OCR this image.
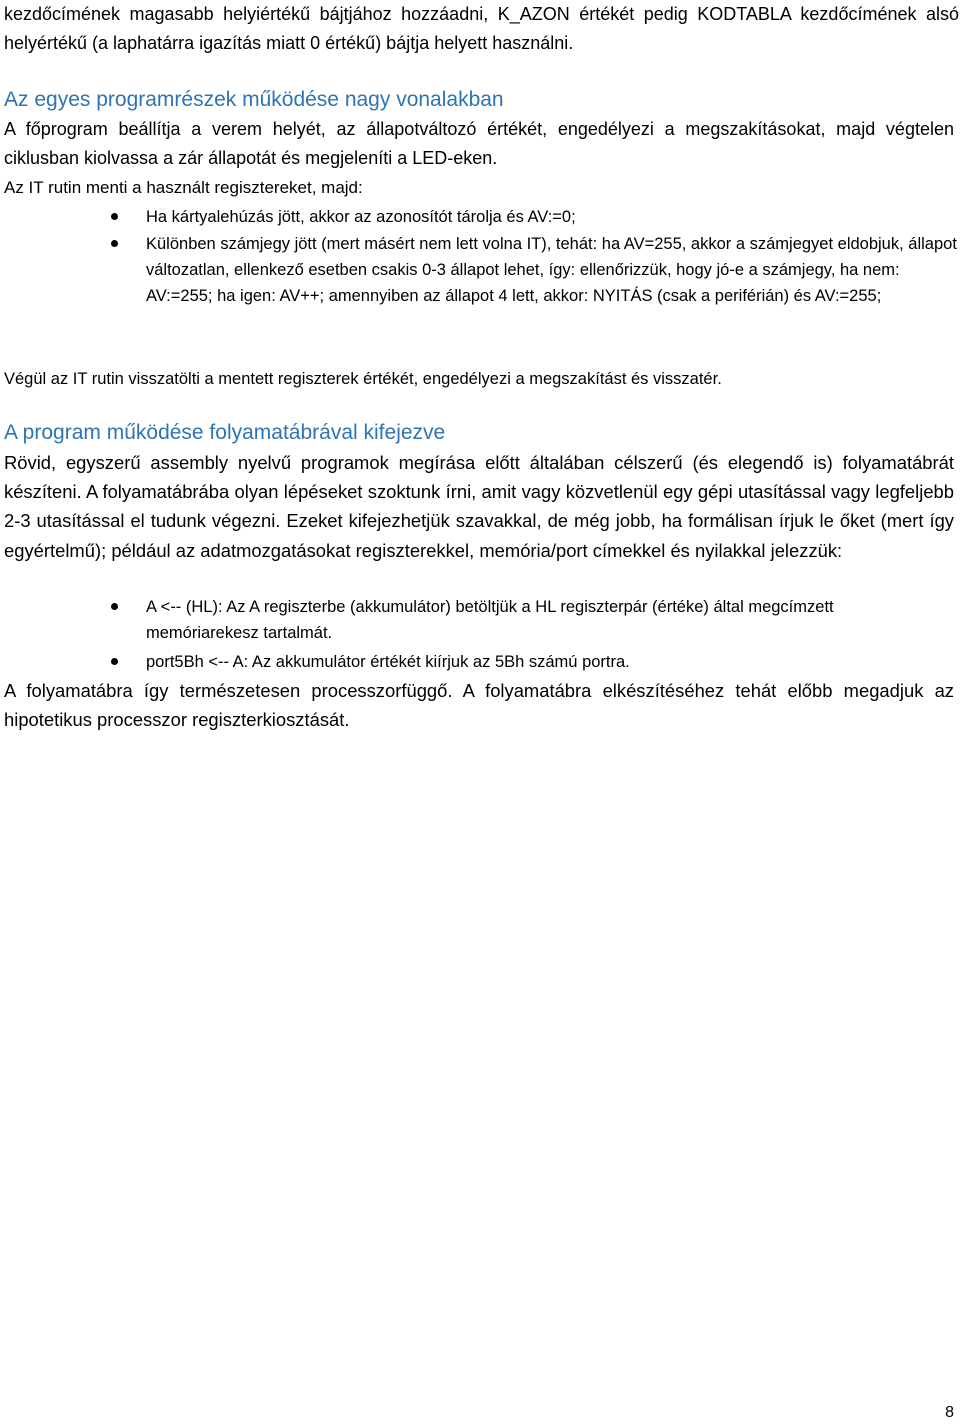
kezdőcímének magasabb helyiértékű bájtjához hozzáadni, K_AZON értékét pedig KODTABLA kezdőcímének alsó helyértékű (a laphatárra igazítás miatt 0 értékű) bájtja helyett használni.

Az egyes programrészek működése nagy vonalakban

A főprogram beállítja a verem helyét, az állapotváltozó értékét, engedélyezi a megszakításokat, majd végtelen ciklusban kiolvassa a zár állapotát és megjeleníti a LED-eken.

Az IT rutin menti a használt regisztereket, majd:

Ha kártyalehúzás jött, akkor az azonosítót tárolja és AV:=0;
Különben számjegy jött (mert másért nem lett volna IT), tehát: ha AV=255, akkor a számjegyet eldobjuk, állapot változatlan, ellenkező esetben csakis 0-3 állapot lehet, így: ellenőrizzük, hogy jó-e a számjegy, ha nem: AV:=255; ha igen: AV++; amennyiben az állapot 4 lett, akkor: NYITÁS (csak a periférián) és AV:=255;

Végül az IT rutin visszatölti a mentett regiszterek értékét, engedélyezi a megszakítást és visszatér.

A program működése folyamatábrával kifejezve

Rövid, egyszerű assembly nyelvű programok megírása előtt általában célszerű (és elegendő is) folyamatábrát készíteni. A folyamatábrába olyan lépéseket szoktunk írni, amit vagy közvetlenül egy gépi utasítással vagy legfeljebb 2-3 utasítással el tudunk végezni. Ezeket kifejezhetjük szavakkal, de még jobb, ha formálisan írjuk le őket (mert így egyértelmű); például az adatmozgatásokat regiszterekkel, memória/port címekkel és nyilakkal jelezzük:

A <-- (HL): Az A regiszterbe (akkumulátor) betöltjük a HL regiszterpár (értéke) által megcímzett memóriarekesz tartalmát.
port5Bh <-- A: Az akkumulátor értékét kiírjuk az 5Bh számú portra.

A folyamatábra így természetesen processzorfüggő. A folyamatábra elkészítéséhez tehát előbb megadjuk az hipotetikus processzor regiszterkiosztását.

8
